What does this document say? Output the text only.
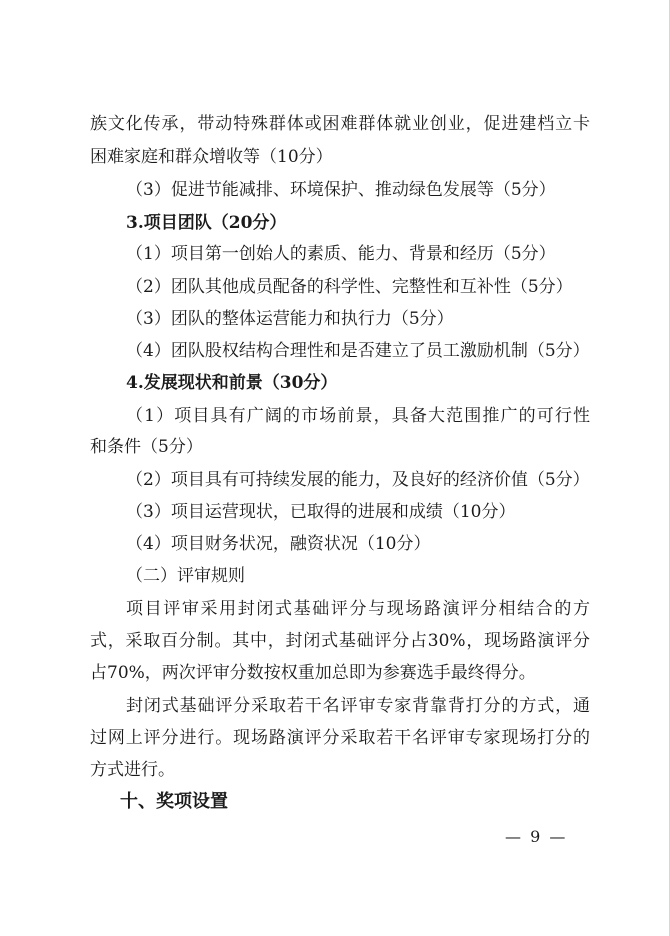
族文化传承，带动特殊群体或困难群体就业创业，促进建档立卡
困难家庭和群众增收等（10分）
（3）促进节能减排、环境保护、推动绿色发展等（5分）
3.项目团队（20分）
（1）项目第一创始人的素质、能力、背景和经历（5分）
（2）团队其他成员配备的科学性、完整性和互补性（5分）
（3）团队的整体运营能力和执行力（5分）
（4）团队股权结构合理性和是否建立了员工激励机制（5分）
4.发展现状和前景（30分）
（1）项目具有广阔的市场前景，具备大范围推广的可行性
和条件（5分）
（2）项目具有可持续发展的能力，及良好的经济价值（5分）
（3）项目运营现状，已取得的进展和成绩（10分）
（4）项目财务状况，融资状况（10分）
（二）评审规则
项目评审采用封闭式基础评分与现场路演评分相结合的方
式，采取百分制。其中，封闭式基础评分占30%，现场路演评分
占70%，两次评审分数按权重加总即为参赛选手最终得分。
封闭式基础评分采取若干名评审专家背靠背打分的方式，通
过网上评分进行。现场路演评分采取若干名评审专家现场打分的
方式进行。
十、奖项设置
— 9 —
